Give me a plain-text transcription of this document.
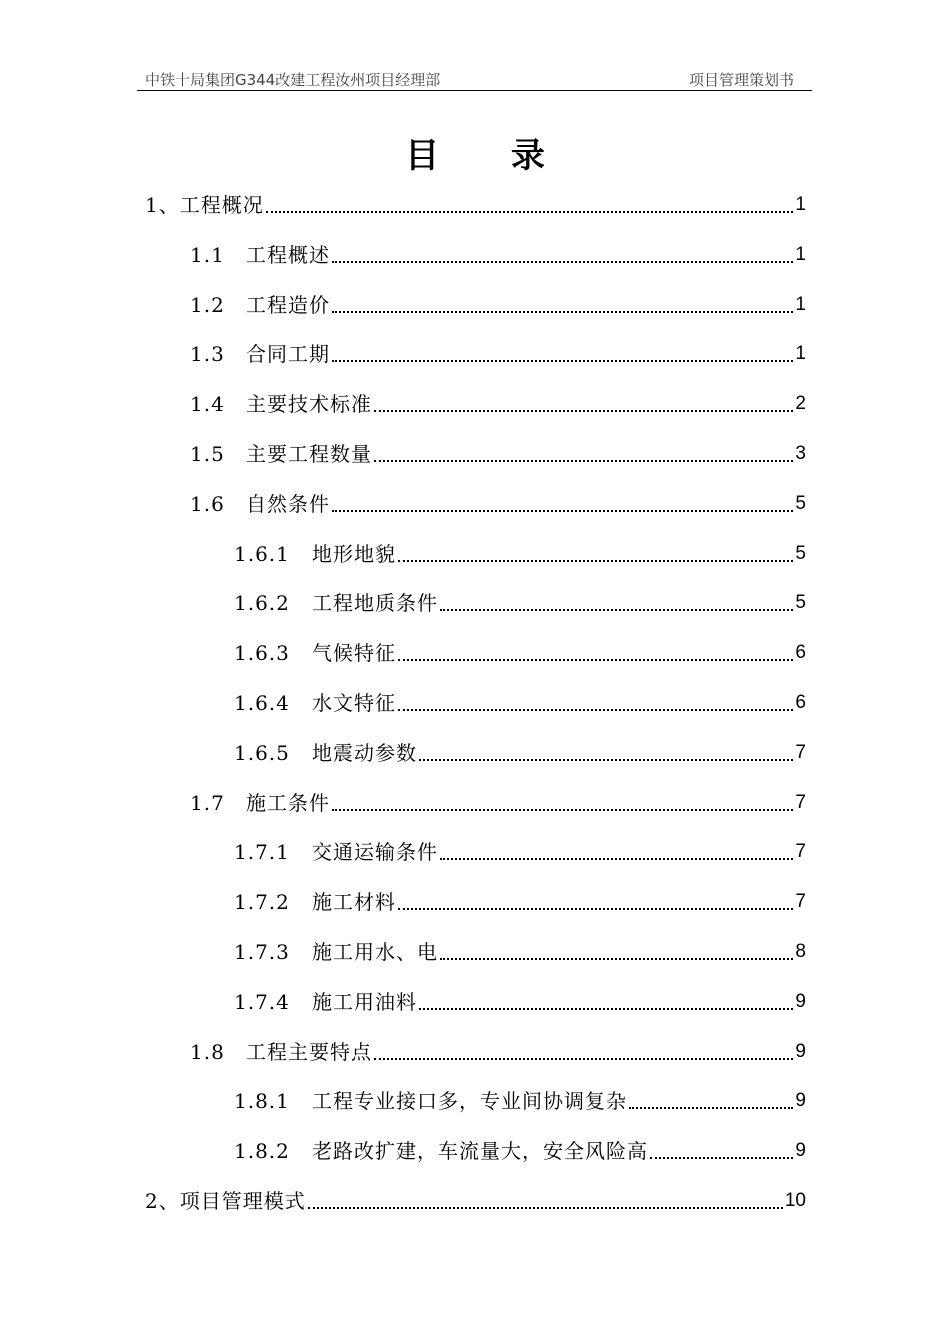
中铁十局集团G344改建工程汝州项目经理部	项目管理策划书
目 录
1、 工程概况	1
1.1	工程概述	1
1.2	工程造价	1
1.3	合同工期	1
1.4	主要技术标准	2
1.5	主要工程数量	3
1.6	自然条件	5
1.6.1	地形地貌	5
1.6.2	工程地质条件	5
1.6.3	气候特征	6
1.6.4	水文特征	6
1.6.5	地震动参数	7
1.7	施工条件	7
1.7.1	交通运输条件	7
1.7.2	施工材料	7
1.7.3	施工用水、电	8
1.7.4	施工用油料	9
1.8	工程主要特点	9
1.8.1	工程专业接口多，专业间协调复杂	9
1.8.2	老路改扩建，车流量大，安全风险高	9
2、 项目管理模式	10
